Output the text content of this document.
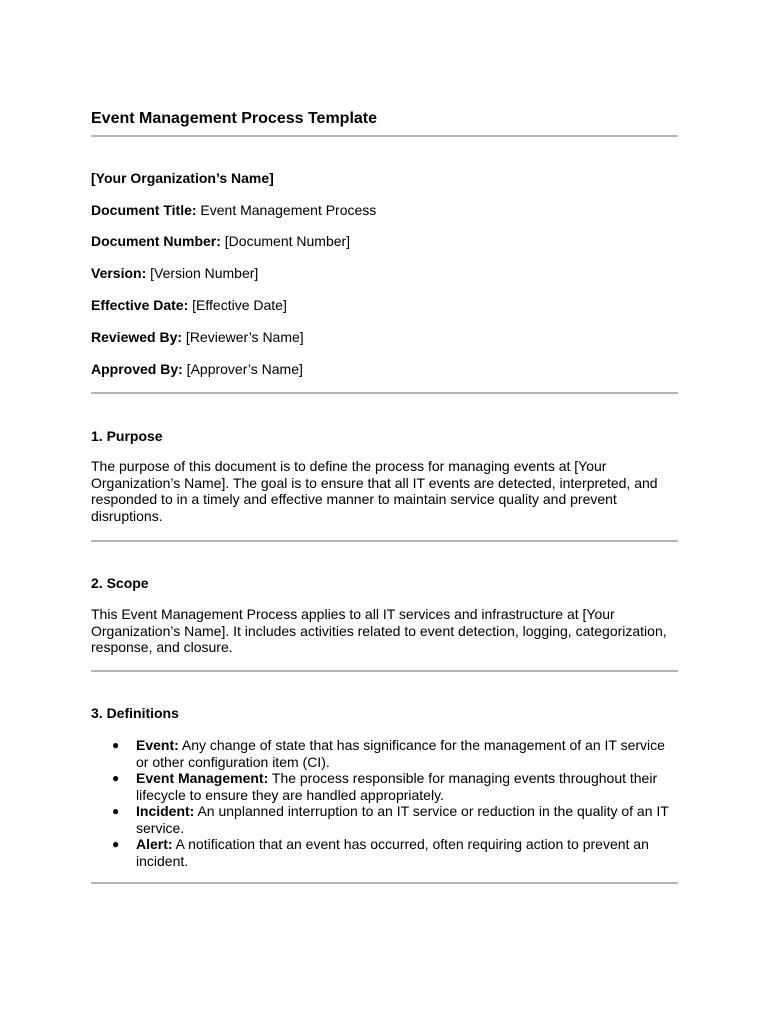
Event Management Process Template
[Your Organization’s Name]
Document Title: Event Management Process
Document Number: [Document Number]
Version: [Version Number]
Effective Date: [Effective Date]
Reviewed By: [Reviewer’s Name]
Approved By: [Approver’s Name]
1. Purpose
The purpose of this document is to define the process for managing events at [Your Organization’s Name]. The goal is to ensure that all IT events are detected, interpreted, and responded to in a timely and effective manner to maintain service quality and prevent disruptions.
2. Scope
This Event Management Process applies to all IT services and infrastructure at [Your Organization’s Name]. It includes activities related to event detection, logging, categorization, response, and closure.
3. Definitions
● Event: Any change of state that has significance for the management of an IT service or other configuration item (CI).
● Event Management: The process responsible for managing events throughout their lifecycle to ensure they are handled appropriately.
● Incident: An unplanned interruption to an IT service or reduction in the quality of an IT service.
● Alert: A notification that an event has occurred, often requiring action to prevent an incident.
